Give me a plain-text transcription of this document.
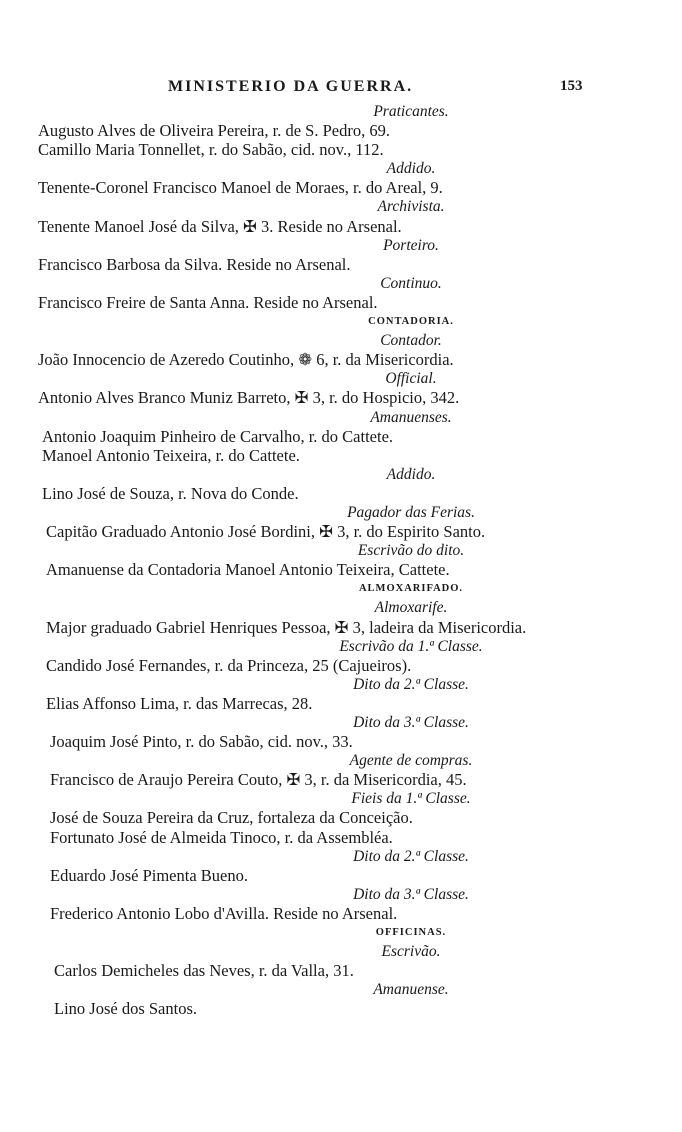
MINISTERIO DA GUERRA.	153
Praticantes.
Augusto Alves de Oliveira Pereira, r. de S. Pedro, 69.
Camillo Maria Tonnellet, r. do Sabão, cid. nov., 112.
Addido.
Tenente-Coronel Francisco Manoel de Moraes, r. do Areal, 9.
Archivista.
Tenente Manoel José da Silva, ✠ 3. Reside no Arsenal.
Porteiro.
Francisco Barbosa da Silva. Reside no Arsenal.
Continuo.
Francisco Freire de Santa Anna. Reside no Arsenal.
CONTADORIA.
Contador.
João Innocencio de Azeredo Coutinho, ❁ 6, r. da Misericordia.
Official.
Antonio Alves Branco Muniz Barreto, ✠ 3, r. do Hospicio, 342.
Amanuenses.
Antonio Joaquim Pinheiro de Carvalho, r. do Cattete.
Manoel Antonio Teixeira, r. do Cattete.
Addido.
Lino José de Souza, r. Nova do Conde.
Pagador das Ferias.
Capitão Graduado Antonio José Bordini, ✠ 3, r. do Espirito Santo.
Escrivão do dito.
Amanuense da Contadoria Manoel Antonio Teixeira, Cattete.
ALMOXARIFADO.
Almoxarife.
Major graduado Gabriel Henriques Pessoa, ✠ 3, ladeira da Misericordia.
Escrivão da 1.ª Classe.
Candido José Fernandes, r. da Princeza, 25 (Cajueiros).
Dito da 2.ª Classe.
Elias Affonso Lima, r. das Marrecas, 28.
Dito da 3.ª Classe.
Joaquim José Pinto, r. do Sabão, cid. nov., 33.
Agente de compras.
Francisco de Araujo Pereira Couto, ✠ 3, r. da Misericordia, 45.
Fieis da 1.ª Classe.
José de Souza Pereira da Cruz, fortaleza da Conceição.
Fortunato José de Almeida Tinoco, r. da Assembléa.
Dito da 2.ª Classe.
Eduardo José Pimenta Bueno.
Dito da 3.ª Classe.
Frederico Antonio Lobo d'Avilla. Reside no Arsenal.
OFFICINAS.
Escrivão.
Carlos Demicheles das Neves, r. da Valla, 31.
Amanuense.
Lino José dos Santos.
